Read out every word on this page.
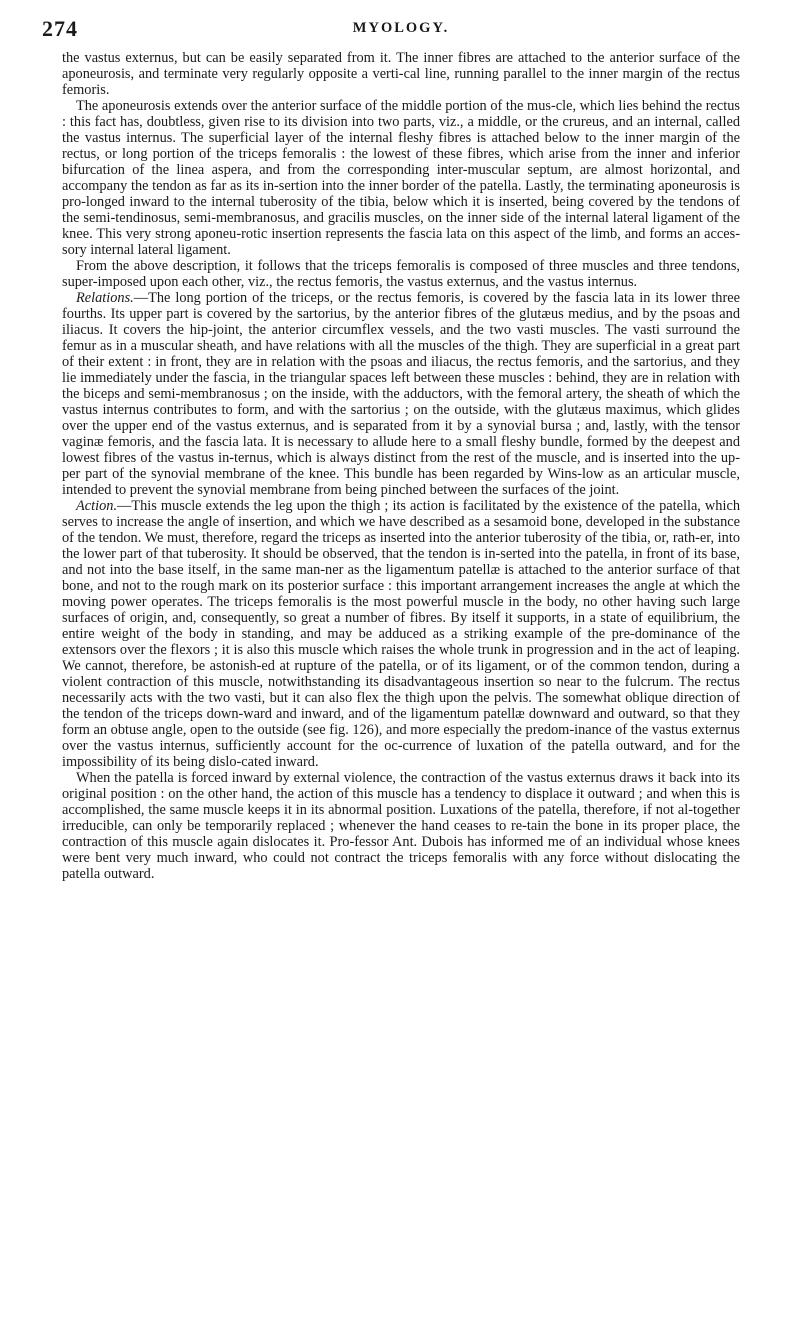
274	MYOLOGY.

the vastus externus, but can be easily separated from it. The inner fibres are attached to the anterior surface of the aponeurosis, and terminate very regularly opposite a verti-cal line, running parallel to the inner margin of the rectus femoris.

The aponeurosis extends over the anterior surface of the middle portion of the mus-cle, which lies behind the rectus : this fact has, doubtless, given rise to its division into two parts, viz., a middle, or the crureus, and an internal, called the vastus internus. The superficial layer of the internal fleshy fibres is attached below to the inner margin of the rectus, or long portion of the triceps femoralis : the lowest of these fibres, which arise from the inner and inferior bifurcation of the linea aspera, and from the corresponding inter-muscular septum, are almost horizontal, and accompany the tendon as far as its in-sertion into the inner border of the patella. Lastly, the terminating aponeurosis is pro-longed inward to the internal tuberosity of the tibia, below which it is inserted, being covered by the tendons of the semi-tendinosus, semi-membranosus, and gracilis muscles, on the inner side of the internal lateral ligament of the knee. This very strong aponeu-rotic insertion represents the fascia lata on this aspect of the limb, and forms an acces-sory internal lateral ligament.

From the above description, it follows that the triceps femoralis is composed of three muscles and three tendons, super-imposed upon each other, viz., the rectus femoris, the vastus externus, and the vastus internus.

Relations.—The long portion of the triceps, or the rectus femoris, is covered by the fascia lata in its lower three fourths. Its upper part is covered by the sartorius, by the anterior fibres of the glutæus medius, and by the psoas and iliacus. It covers the hip-joint, the anterior circumflex vessels, and the two vasti muscles. The vasti surround the femur as in a muscular sheath, and have relations with all the muscles of the thigh. They are superficial in a great part of their extent : in front, they are in relation with the psoas and iliacus, the rectus femoris, and the sartorius, and they lie immediately under the fascia, in the triangular spaces left between these muscles : behind, they are in relation with the biceps and semi-membranosus ; on the inside, with the adductors, with the femoral artery, the sheath of which the vastus internus contributes to form, and with the sartorius ; on the outside, with the glutæus maximus, which glides over the upper end of the vastus externus, and is separated from it by a synovial bursa ; and, lastly, with the tensor vaginæ femoris, and the fascia lata. It is necessary to allude here to a small fleshy bundle, formed by the deepest and lowest fibres of the vastus in-ternus, which is always distinct from the rest of the muscle, and is inserted into the up-per part of the synovial membrane of the knee. This bundle has been regarded by Wins-low as an articular muscle, intended to prevent the synovial membrane from being pinched between the surfaces of the joint.

Action.—This muscle extends the leg upon the thigh ; its action is facilitated by the existence of the patella, which serves to increase the angle of insertion, and which we have described as a sesamoid bone, developed in the substance of the tendon. We must, therefore, regard the triceps as inserted into the anterior tuberosity of the tibia, or, rath-er, into the lower part of that tuberosity. It should be observed, that the tendon is in-serted into the patella, in front of its base, and not into the base itself, in the same man-ner as the ligamentum patellæ is attached to the anterior surface of that bone, and not to the rough mark on its posterior surface : this important arrangement increases the angle at which the moving power operates. The triceps femoralis is the most powerful muscle in the body, no other having such large surfaces of origin, and, consequently, so great a number of fibres. By itself it supports, in a state of equilibrium, the entire weight of the body in standing, and may be adduced as a striking example of the pre-dominance of the extensors over the flexors ; it is also this muscle which raises the whole trunk in progression and in the act of leaping. We cannot, therefore, be astonish-ed at rupture of the patella, or of its ligament, or of the common tendon, during a violent contraction of this muscle, notwithstanding its disadvantageous insertion so near to the fulcrum. The rectus necessarily acts with the two vasti, but it can also flex the thigh upon the pelvis. The somewhat oblique direction of the tendon of the triceps down-ward and inward, and of the ligamentum patellæ downward and outward, so that they form an obtuse angle, open to the outside (see fig. 126), and more especially the predom-inance of the vastus externus over the vastus internus, sufficiently account for the oc-currence of luxation of the patella outward, and for the impossibility of its being dislo-cated inward.

When the patella is forced inward by external violence, the contraction of the vastus externus draws it back into its original position : on the other hand, the action of this muscle has a tendency to displace it outward ; and when this is accomplished, the same muscle keeps it in its abnormal position. Luxations of the patella, therefore, if not al-together irreducible, can only be temporarily replaced ; whenever the hand ceases to re-tain the bone in its proper place, the contraction of this muscle again dislocates it. Pro-fessor Ant. Dubois has informed me of an individual whose knees were bent very much inward, who could not contract the triceps femoralis with any force without dislocating the patella outward.
